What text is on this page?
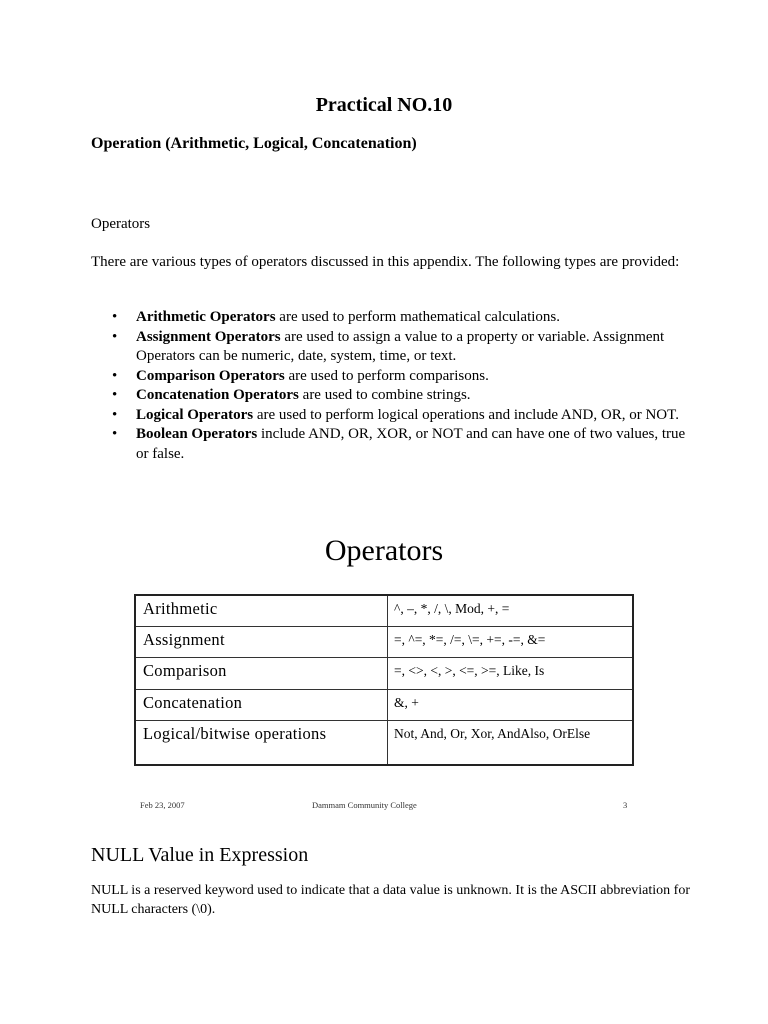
Practical NO.10
Operation (Arithmetic, Logical, Concatenation)
Operators
There are various types of operators discussed in this appendix. The following types are provided:
• Arithmetic Operators are used to perform mathematical calculations.
• Assignment Operators are used to assign a value to a property or variable. Assignment Operators can be numeric, date, system, time, or text.
• Comparison Operators are used to perform comparisons.
• Concatenation Operators are used to combine strings.
• Logical Operators are used to perform logical operations and include AND, OR, or NOT.
• Boolean Operators include AND, OR, XOR, or NOT and can have one of two values, true or false.
Operators
Arithmetic	^, –, *, /, \, Mod, +, =
Assignment	=, ^=, *=, /=, \=, +=, -=, &=
Comparison	=, <>, <, >, <=, >=, Like, Is
Concatenation	&, +
Logical/bitwise operations	Not, And, Or, Xor, AndAlso, OrElse
Feb 23, 2007	Dammam Community College	3
NULL Value in Expression
NULL is a reserved keyword used to indicate that a data value is unknown. It is the ASCII abbreviation for NULL characters (\0).
